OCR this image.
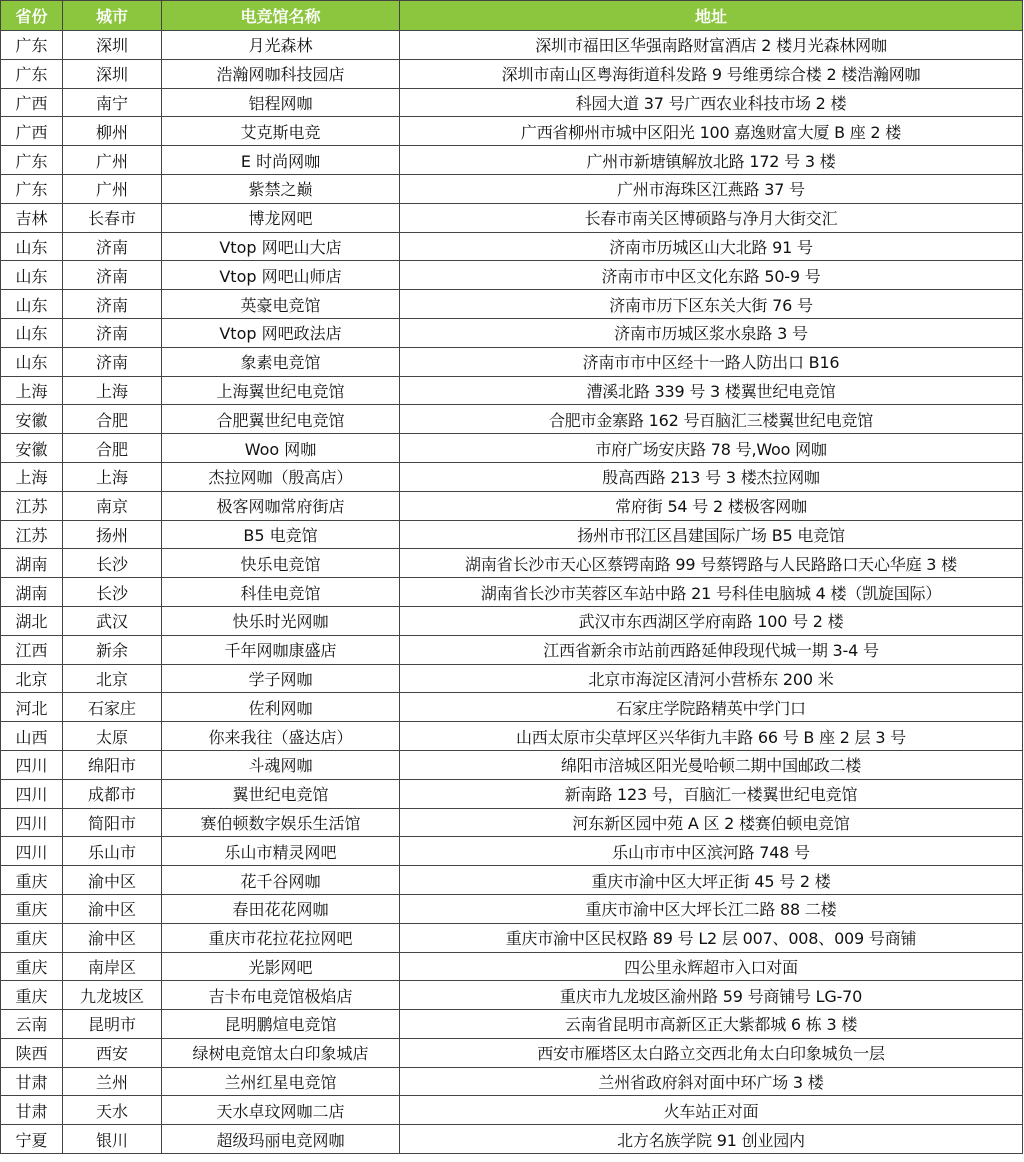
省份	城市	电竞馆名称	地址
广东	深圳	月光森林	深圳市福田区华强南路财富酒店 2 楼月光森林网咖
广东	深圳	浩瀚网咖科技园店	深圳市南山区粤海街道科发路 9 号维勇综合楼 2 楼浩瀚网咖
广西	南宁	铝程网咖	科园大道 37 号广西农业科技市场 2 楼
广西	柳州	艾克斯电竞	广西省柳州市城中区阳光 100 嘉逸财富大厦 B 座 2 楼
广东	广州	E 时尚网咖	广州市新塘镇解放北路 172 号 3 楼
广东	广州	紫禁之巅	广州市海珠区江燕路 37 号
吉林	长春市	博龙网吧	长春市南关区博硕路与净月大街交汇
山东	济南	Vtop 网吧山大店	济南市历城区山大北路 91 号
山东	济南	Vtop 网吧山师店	济南市市中区文化东路 50-9 号
山东	济南	英豪电竞馆	济南市历下区东关大街 76 号
山东	济南	Vtop 网吧政法店	济南市历城区浆水泉路 3 号
山东	济南	象素电竞馆	济南市市中区经十一路人防出口 B16
上海	上海	上海翼世纪电竞馆	漕溪北路 339 号 3 楼翼世纪电竞馆
安徽	合肥	合肥翼世纪电竞馆	合肥市金寨路 162 号百脑汇三楼翼世纪电竞馆
安徽	合肥	Woo 网咖	市府广场安庆路 78 号,Woo 网咖
上海	上海	杰拉网咖（殷高店）	殷高西路 213 号 3 楼杰拉网咖
江苏	南京	极客网咖常府街店	常府街 54 号 2 楼极客网咖
江苏	扬州	B5 电竞馆	扬州市邗江区昌建国际广场 B5 电竞馆
湖南	长沙	快乐电竞馆	湖南省长沙市天心区蔡锷南路 99 号蔡锷路与人民路路口天心华庭 3 楼
湖南	长沙	科佳电竞馆	湖南省长沙市芙蓉区车站中路 21 号科佳电脑城 4 楼（凯旋国际）
湖北	武汉	快乐时光网咖	武汉市东西湖区学府南路 100 号 2 楼
江西	新余	千年网咖康盛店	江西省新余市站前西路延伸段现代城一期 3-4 号
北京	北京	学子网咖	北京市海淀区清河小营桥东 200 米
河北	石家庄	佐利网咖	石家庄学院路精英中学门口
山西	太原	你来我往（盛达店）	山西太原市尖草坪区兴华街九丰路 66 号 B 座 2 层 3 号
四川	绵阳市	斗魂网咖	绵阳市涪城区阳光曼哈顿二期中国邮政二楼
四川	成都市	翼世纪电竞馆	新南路 123 号，百脑汇一楼翼世纪电竞馆
四川	简阳市	赛伯顿数字娱乐生活馆	河东新区园中苑 A 区 2 楼赛伯顿电竞馆
四川	乐山市	乐山市精灵网吧	乐山市市中区滨河路 748 号
重庆	渝中区	花千谷网咖	重庆市渝中区大坪正街 45 号 2 楼
重庆	渝中区	春田花花网咖	重庆市渝中区大坪长江二路 88 二楼
重庆	渝中区	重庆市花拉花拉网吧	重庆市渝中区民权路 89 号 L2 层 007、008、009 号商铺
重庆	南岸区	光影网吧	四公里永辉超市入口对面
重庆	九龙坡区	吉卡布电竞馆极焰店	重庆市九龙坡区渝州路 59 号商铺号 LG-70
云南	昆明市	昆明鹏煊电竞馆	云南省昆明市高新区正大紫都城 6 栋 3 楼
陕西	西安	绿树电竞馆太白印象城店	西安市雁塔区太白路立交西北角太白印象城负一层
甘肃	兰州	兰州红星电竞馆	兰州省政府斜对面中环广场 3 楼
甘肃	天水	天水卓玟网咖二店	火车站正对面
宁夏	银川	超级玛丽电竞网咖	北方名族学院 91 创业园内
